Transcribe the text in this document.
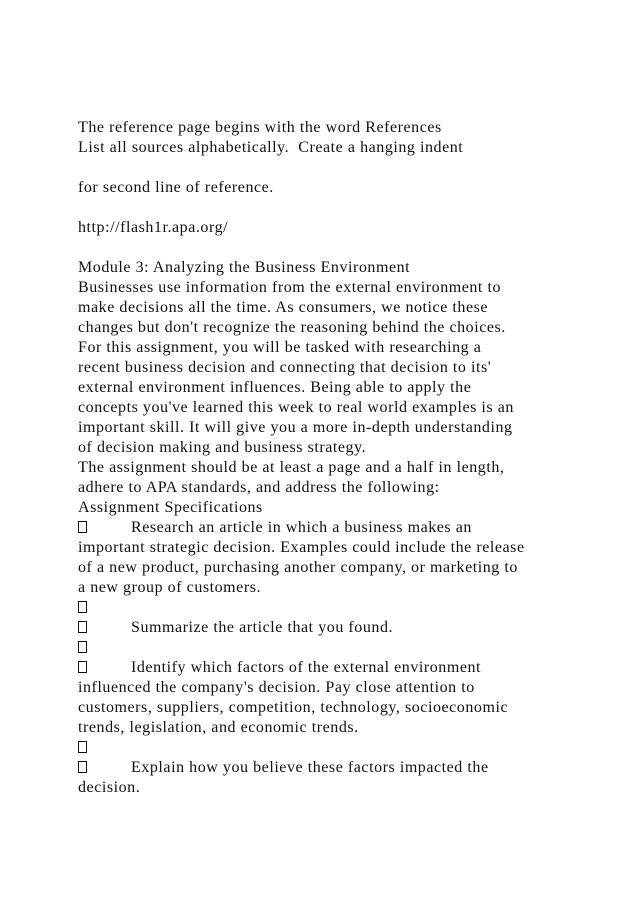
The reference page begins with the word References
List all sources alphabetically.  Create a hanging indent
for second line of reference.
http://flash1r.apa.org/
Module 3: Analyzing the Business Environment
Businesses use information from the external environment to
make decisions all the time. As consumers, we notice these
changes but don't recognize the reasoning behind the choices.
For this assignment, you will be tasked with researching a
recent business decision and connecting that decision to its'
external environment influences. Being able to apply the
concepts you've learned this week to real world examples is an
important skill. It will give you a more in-depth understanding
of decision making and business strategy.
The assignment should be at least a page and a half in length,
adhere to APA standards, and address the following:
Assignment Specifications
Research an article in which a business makes an
important strategic decision. Examples could include the release
of a new product, purchasing another company, or marketing to
a new group of customers.
Summarize the article that you found.
Identify which factors of the external environment
influenced the company's decision. Pay close attention to
customers, suppliers, competition, technology, socioeconomic
trends, legislation, and economic trends.
Explain how you believe these factors impacted the
decision.
